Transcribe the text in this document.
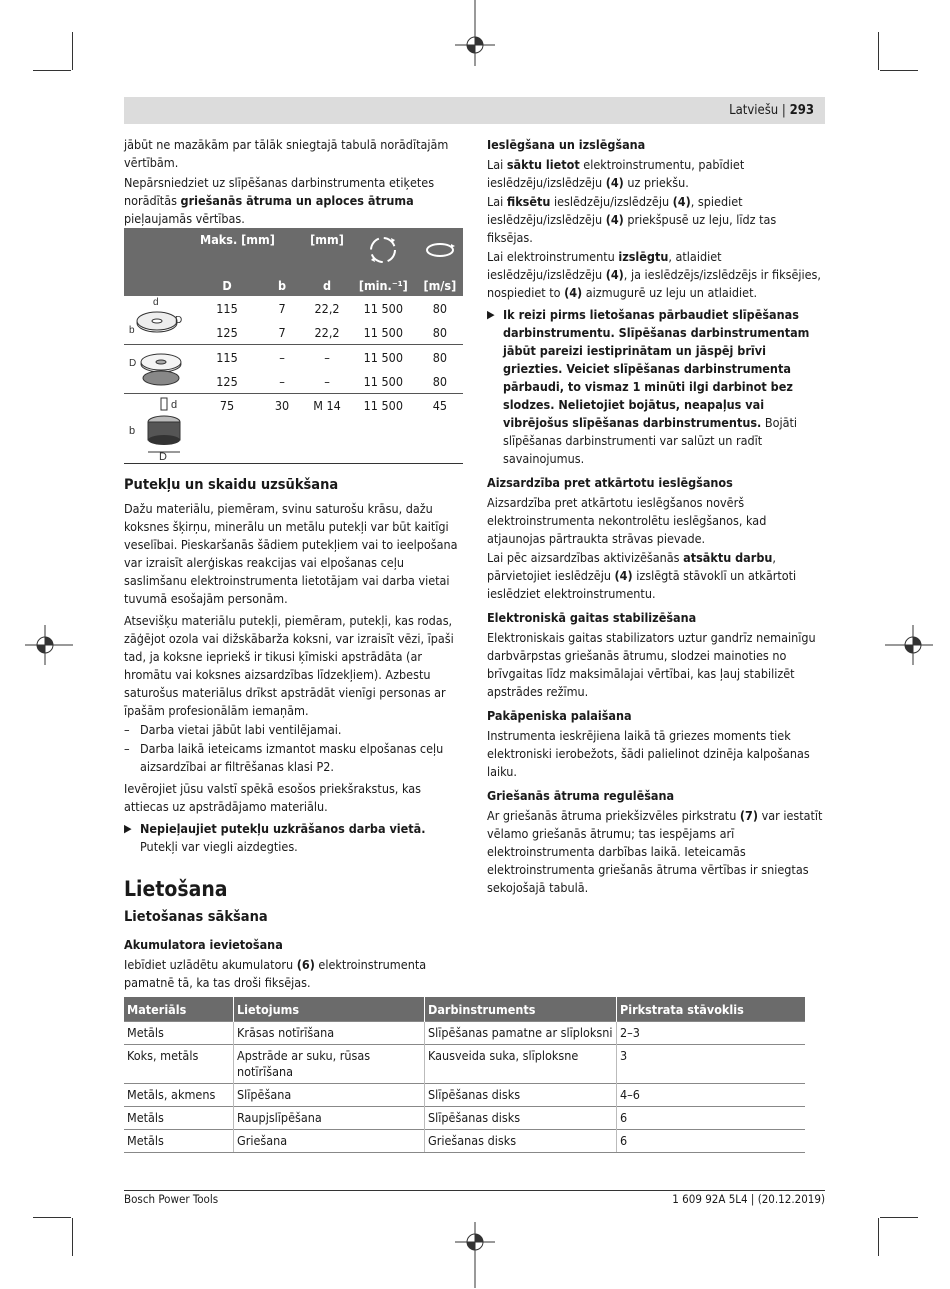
Latviešu | 293

jābūt ne mazākām par tālāk sniegtajā tabulā norādītajām vērtībām.

Nepārsniedziet uz slīpēšanas darbinstrumenta etiķetes norādītās griešanās ātruma un aploces ātruma pieļaujamās vērtības.

	Maks. [mm]		[mm]		
	D	b	d	[min.⁻¹]	[m/s]

d
D
b	115	7	22,2	11 500	80
	125	7	22,2	11 500	80

D	115	–	–	11 500	80
	125	–	–	11 500	80

d
b
D	75	30	M 14	11 500	45
Putekļu un skaidu uzsūkšana

Dažu materiālu, piemēram, svinu saturošu krāsu, dažu koksnes šķirņu, minerālu un metālu putekļi var būt kaitīgi veselībai. Pieskaršanās šādiem putekļiem vai to ieelpošana var izraisīt alerģiskas reakcijas vai elpošanas ceļu saslimšanu elektroinstrumenta lietotājam vai darba vietai tuvumā esošajām personām.

Atsevišķu materiālu putekļi, piemēram, putekļi, kas rodas, zāģējot ozola vai dižskābarža koksni, var izraisīt vēzi, īpaši tad, ja koksne iepriekš ir tikusi ķīmiski apstrādāta (ar hromātu vai koksnes aizsardzības līdzekļiem). Azbestu saturošus materiālus drīkst apstrādāt vienīgi personas ar īpašām profesionālām iemaņām.

– Darba vietai jābūt labi ventilējamai.
– Darba laikā ieteicams izmantot masku elpošanas ceļu aizsardzībai ar filtrēšanas klasi P2.

Ievērojiet jūsu valstī spēkā esošos priekšrakstus, kas attiecas uz apstrādājamo materiālu.

▶ Nepieļaujiet putekļu uzkrāšanos darba vietā. Putekļi var viegli aizdegties.
Lietošana
Lietošanas sākšana
Akumulatora ievietošana

Iebīdiet uzlādētu akumulatoru (6) elektroinstrumenta pamatnē tā, ka tas droši fiksējas.

Ieslēgšana un izslēgšana

Lai sāktu lietot elektroinstrumentu, pabīdiet ieslēdzēju/izslēdzēju (4) uz priekšu.

Lai fiksētu ieslēdzēju/izslēdzēju (4), spiediet ieslēdzēju/izslēdzēju (4) priekšpusē uz leju, līdz tas fiksējas.

Lai elektroinstrumentu izslēgtu, atlaidiet ieslēdzēju/izslēdzēju (4), ja ieslēdzējs/izslēdzējs ir fiksējies, nospiediet to (4) aizmugurē uz leju un atlaidiet.

▶ Ik reizi pirms lietošanas pārbaudiet slīpēšanas darbinstrumentu. Slīpēšanas darbinstrumentam jābūt pareizi iestiprinātam un jāspēj brīvi griezties. Veiciet slīpēšanas darbinstrumenta pārbaudi, to vismaz 1 minūti ilgi darbinot bez slodzes. Nelietojiet bojātus, neapaļus vai vibrējošus slīpēšanas darbinstrumentus. Bojāti slīpēšanas darbinstrumenti var salūzt un radīt savainojumus.
Aizsardzība pret atkārtotu ieslēgšanos

Aizsardzība pret atkārtotu ieslēgšanos novērš elektroinstrumenta nekontrolētu ieslēgšanos, kad atjaunojas pārtraukta strāvas pievade.

Lai pēc aizsardzības aktivizēšanās atsāktu darbu, pārvietojiet ieslēdzēju (4) izslēgtā stāvoklī un atkārtoti ieslēdziet elektroinstrumentu.

Elektroniskā gaitas stabilizēšana

Elektroniskais gaitas stabilizators uztur gandrīz nemainīgu darbvārpstas griešanās ātrumu, slodzei mainoties no brīvgaitas līdz maksimālajai vērtībai, kas ļauj stabilizēt apstrādes režīmu.

Pakāpeniska palaišana

Instrumenta ieskrējiena laikā tā griezes moments tiek elektroniski ierobežots, šādi palielinot dzinēja kalpošanas laiku.

Griešanās ātruma regulēšana

Ar griešanās ātruma priekšizvēles pirkstratu (7) var iestatīt vēlamo griešanās ātrumu; tas iespējams arī elektroinstrumenta darbības laikā. Ieteicamās elektroinstrumenta griešanās ātruma vērtības ir sniegtas sekojošajā tabulā.

Materiāls	Lietojums	Darbinstruments	Pirkstrata stāvoklis
Metāls	Krāsas notīrīšana	Slīpēšanas pamatne ar slīploksni	2–3
Koks, metāls	Apstrāde ar suku, rūsas notīrīšana	Kausveida suka, slīploksne	3
Metāls, akmens	Slīpēšana	Slīpēšanas disks	4–6
Metāls	Raupjslīpēšana	Slīpēšanas disks	6
Metāls	Griešana	Griešanas disks	6
Bosch Power Tools	1 609 92A 5L4 | (20.12.2019)
